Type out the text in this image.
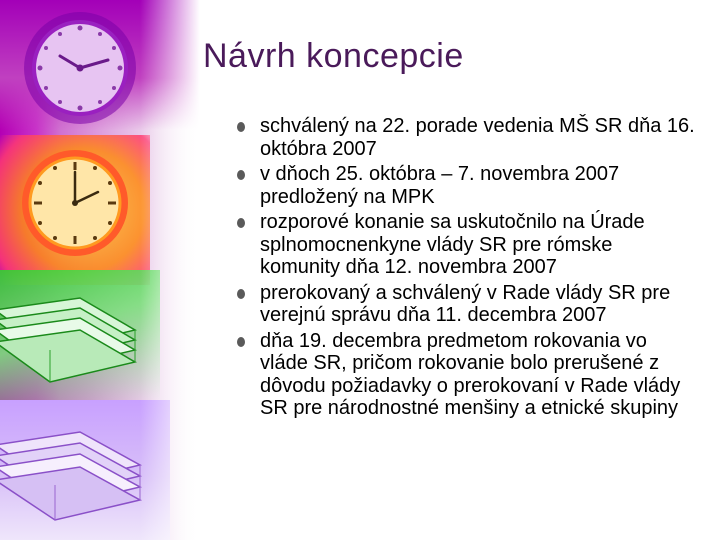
Návrh koncepcie
schválený na 22. porade vedenia MŠ SR dňa 16. októbra 2007
v dňoch 25. októbra – 7. novembra 2007 predložený na MPK
rozporové konanie sa uskutočnilo na Úrade splnomocnenkyne vlády SR pre rómske komunity dňa 12. novembra 2007
prerokovaný a schválený v Rade vlády SR pre verejnú správu dňa 11. decembra 2007
dňa 19. decembra predmetom rokovania vo vláde SR, pričom rokovanie bolo prerušené z dôvodu požiadavky o prerokovaní v Rade vlády SR pre národnostné menšiny a etnické skupiny
